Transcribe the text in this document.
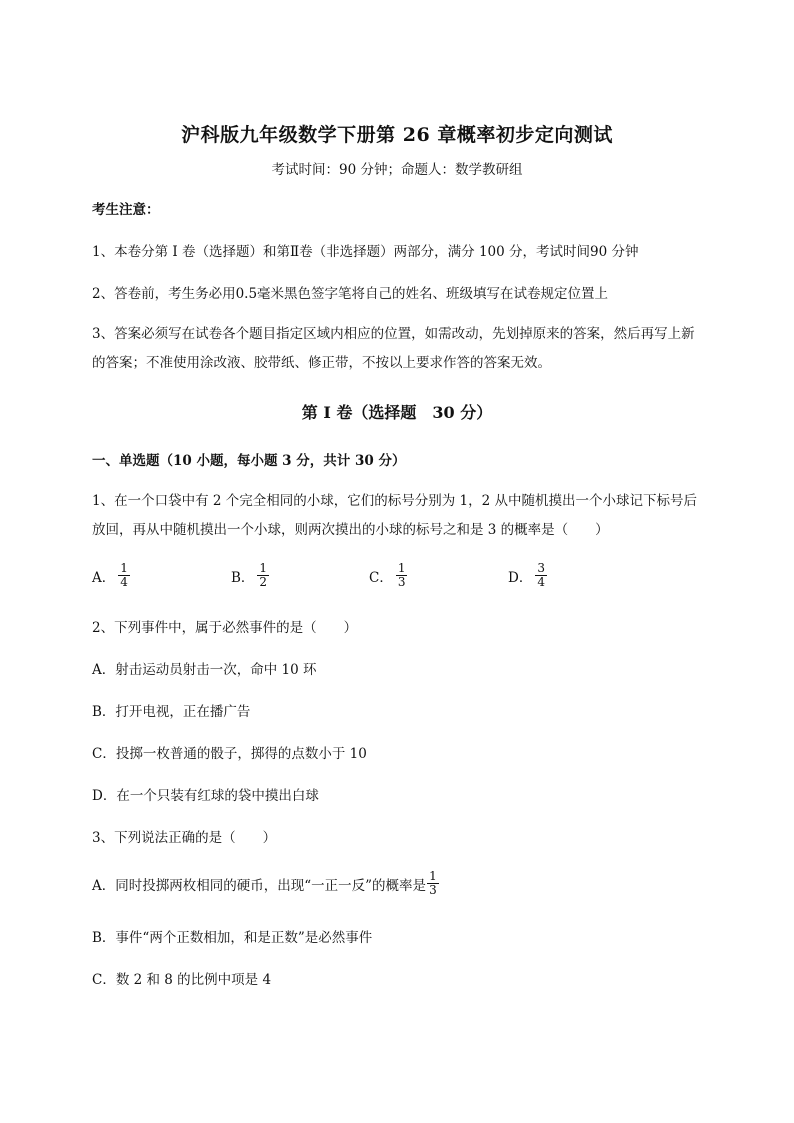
沪科版九年级数学下册第 26 章概率初步定向测试
考试时间：90 分钟；命题人：数学教研组
考生注意：
1、本卷分第 I 卷（选择题）和第Ⅱ卷（非选择题）两部分，满分 100 分，考试时间90 分钟
2、答卷前，考生务必用0.5毫米黑色签字笔将自己的姓名、班级填写在试卷规定位置上
3、答案必须写在试卷各个题目指定区域内相应的位置，如需改动，先划掉原来的答案，然后再写上新的答案；不准使用涂改液、胶带纸、修正带，不按以上要求作答的答案无效。
第 I 卷（选择题　30 分）
一、单选题（10 小题，每小题 3 分，共计 30 分）
1、在一个口袋中有 2 个完全相同的小球，它们的标号分别为 1，2 从中随机摸出一个小球记下标号后放回，再从中随机摸出一个小球，则两次摸出的小球的标号之和是 3 的概率是（　　）
A． $\frac{1}{4}$	B． $\frac{1}{2}$	C． $\frac{1}{3}$	D． $\frac{3}{4}$
2、下列事件中，属于必然事件的是（　　）
A．射击运动员射击一次，命中 10 环
B．打开电视，正在播广告
C．投掷一枚普通的骰子，掷得的点数小于 10
D．在一个只装有红球的袋中摸出白球
3、下列说法正确的是（　　）
A．同时投掷两枚相同的硬币，出现“一正一反”的概率是 $\frac{1}{3}$
B．事件“两个正数相加，和是正数”是必然事件
C．数 2 和 8 的比例中项是 4
